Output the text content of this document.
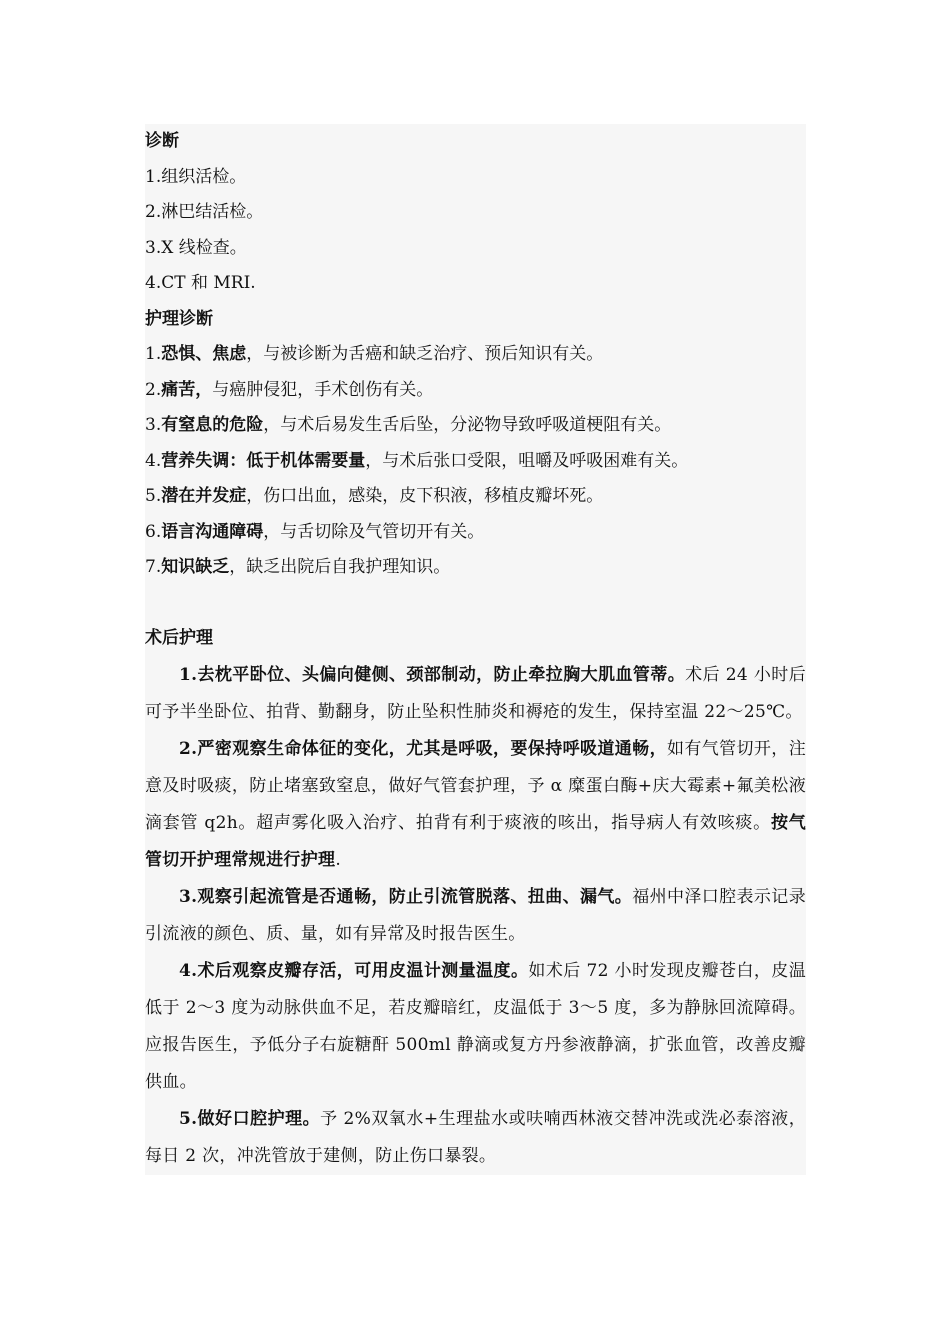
诊断
1.组织活检。
2.淋巴结活检。
3.X 线检查。
4.CT 和 MRI.
护理诊断
1.恐惧、焦虑，与被诊断为舌癌和缺乏治疗、预后知识有关。
2.痛苦，与癌肿侵犯，手术创伤有关。
3.有窒息的危险，与术后易发生舌后坠，分泌物导致呼吸道梗阻有关。
4.营养失调：低于机体需要量，与术后张口受限，咀嚼及呼吸困难有关。
5.潜在并发症，伤口出血，感染，皮下积液，移植皮瓣坏死。
6.语言沟通障碍，与舌切除及气管切开有关。
7.知识缺乏，缺乏出院后自我护理知识。
术后护理
1.去枕平卧位、头偏向健侧、颈部制动，防止牵拉胸大肌血管蒂。术后 24 小时后可予半坐卧位、拍背、勤翻身，防止坠积性肺炎和褥疮的发生，保持室温 22～25℃。
2.严密观察生命体征的变化，尤其是呼吸，要保持呼吸道通畅，如有气管切开，注意及时吸痰，防止堵塞致窒息，做好气管套护理，予 α 糜蛋白酶+庆大霉素+氟美松液滴套管 q2h。超声雾化吸入治疗、拍背有利于痰液的咳出，指导病人有效咳痰。按气管切开护理常规进行护理.
3.观察引起流管是否通畅，防止引流管脱落、扭曲、漏气。福州中泽口腔表示记录引流液的颜色、质、量，如有异常及时报告医生。
4.术后观察皮瓣存活，可用皮温计测量温度。如术后 72 小时发现皮瓣苍白，皮温低于 2～3 度为动脉供血不足，若皮瓣暗红，皮温低于 3～5 度，多为静脉回流障碍。应报告医生，予低分子右旋糖酐 500ml 静滴或复方丹参液静滴，扩张血管，改善皮瓣供血。
5.做好口腔护理。予 2%双氧水+生理盐水或呋喃西林液交替冲洗或洗必泰溶液，每日 2 次，冲洗管放于建侧，防止伤口暴裂。
